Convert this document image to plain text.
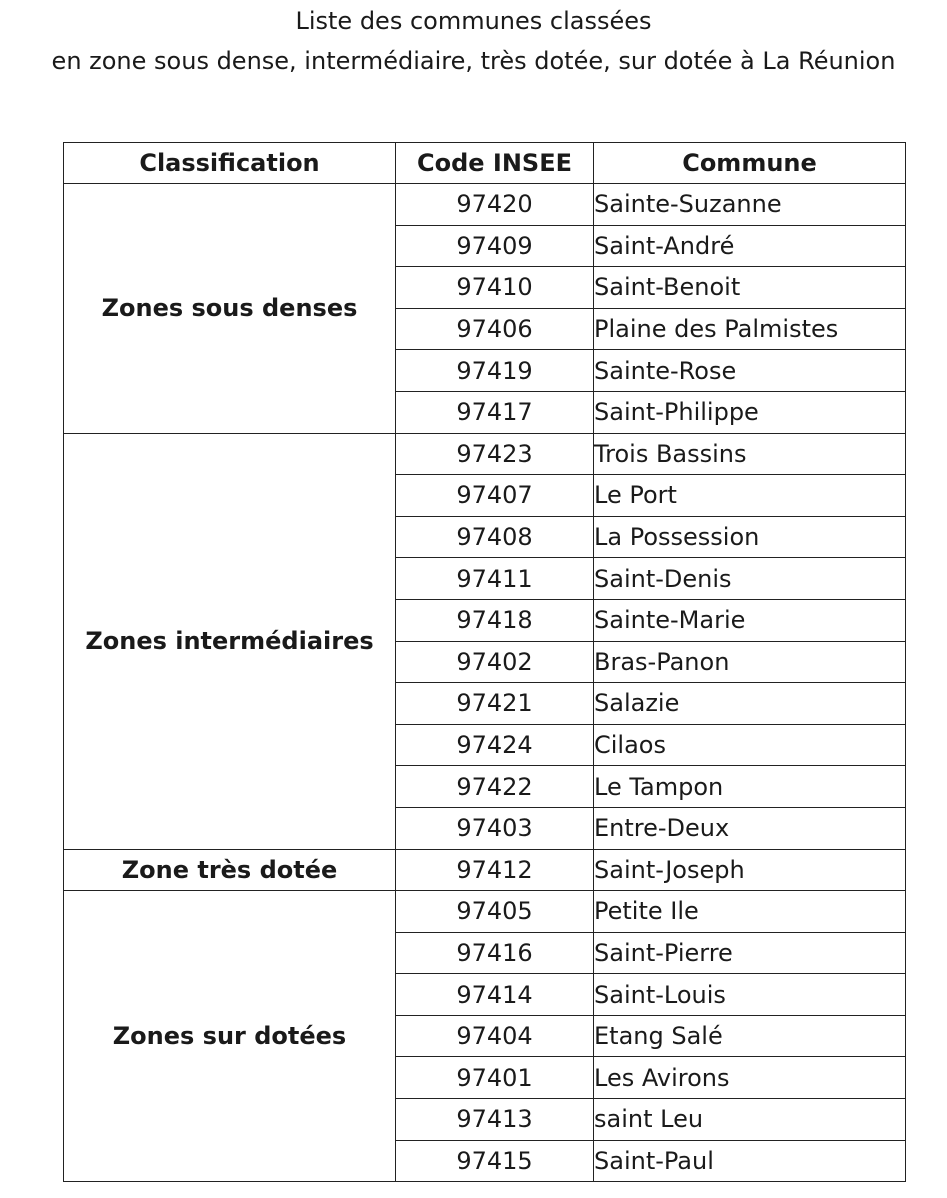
Liste des communes classées
en zone sous dense, intermédiaire, très dotée, sur dotée à La Réunion
Classification	Code INSEE	Commune
Zones sous denses	97420	Sainte-Suzanne
	97409	Saint-André
	97410	Saint-Benoit
	97406	Plaine des Palmistes
	97419	Sainte-Rose
	97417	Saint-Philippe
Zones intermédiaires	97423	Trois Bassins
	97407	Le Port
	97408	La Possession
	97411	Saint-Denis
	97418	Sainte-Marie
	97402	Bras-Panon
	97421	Salazie
	97424	Cilaos
	97422	Le Tampon
	97403	Entre-Deux
Zone très dotée	97412	Saint-Joseph
Zones sur dotées	97405	Petite Ile
	97416	Saint-Pierre
	97414	Saint-Louis
	97404	Etang Salé
	97401	Les Avirons
	97413	saint Leu
	97415	Saint-Paul
